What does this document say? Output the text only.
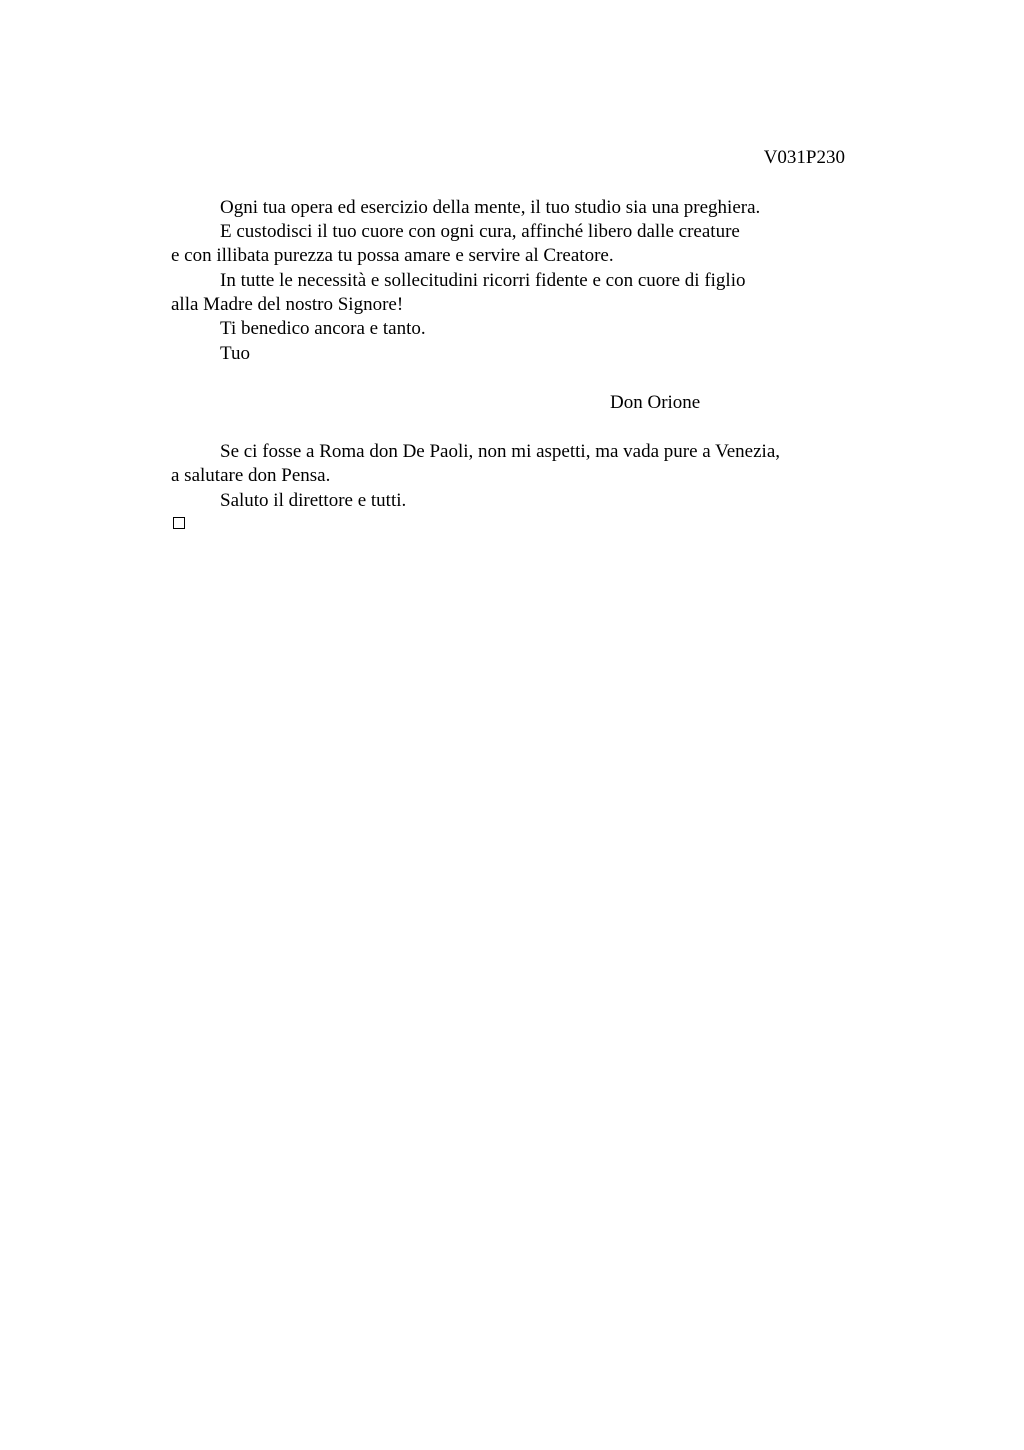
V031P230
Ogni tua opera ed esercizio della mente, il tuo studio sia una preghiera.
E custodisci il tuo cuore con ogni cura, affinché libero dalle creature
e con illibata purezza tu possa amare e servire al Creatore.
In tutte le necessità e sollecitudini ricorri fidente e con cuore di figlio
alla Madre del nostro Signore!
Ti benedico ancora e tanto.
Tuo
Don Orione
Se ci fosse a Roma don De Paoli, non mi aspetti, ma vada pure a Venezia,
a salutare don Pensa.
Saluto il direttore e tutti.
